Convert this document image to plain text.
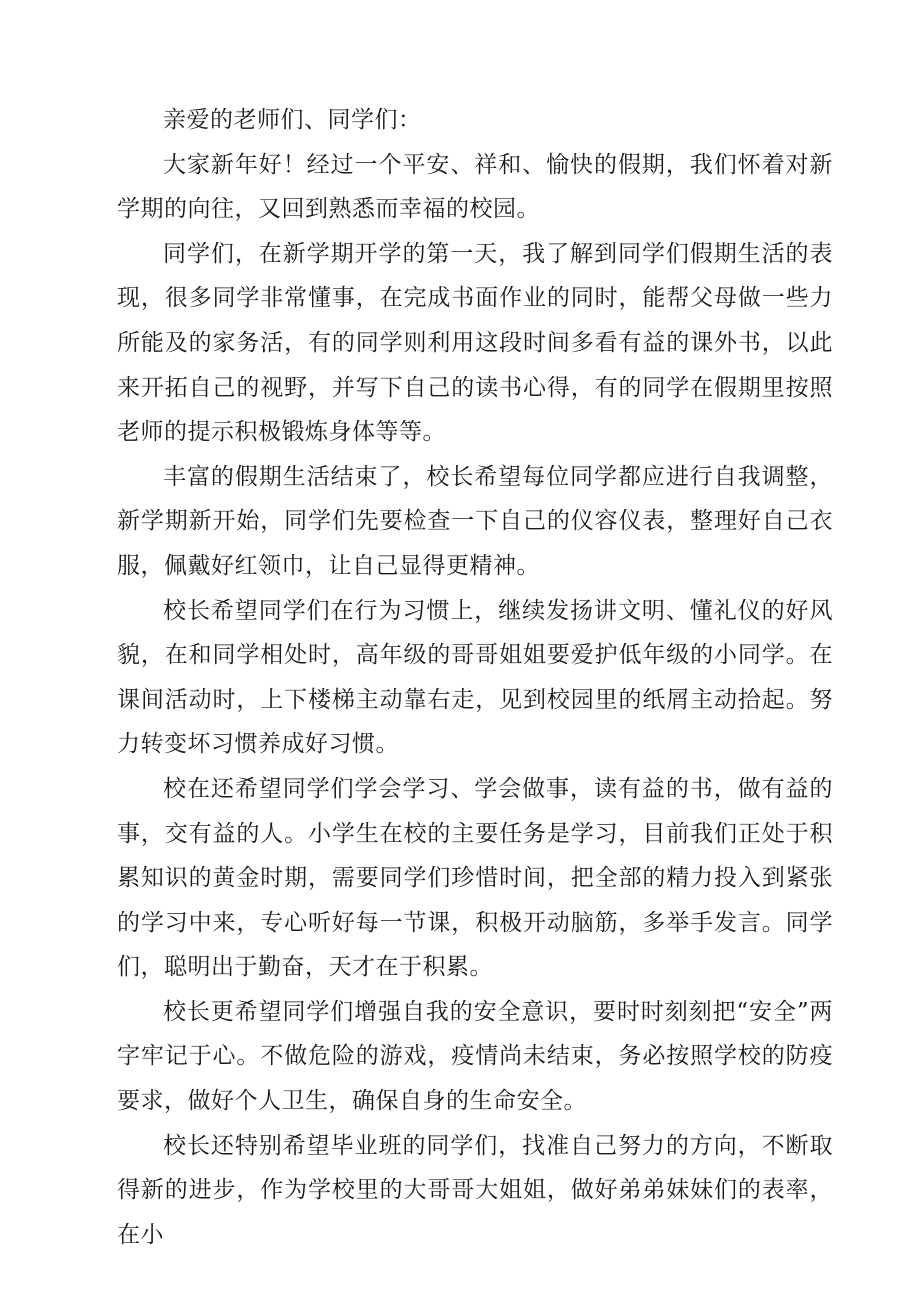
亲爱的老师们、同学们：

大家新年好！经过一个平安、祥和、愉快的假期，我们怀着对新学期的向往，又回到熟悉而幸福的校园。

同学们，在新学期开学的第一天，我了解到同学们假期生活的表现，很多同学非常懂事，在完成书面作业的同时，能帮父母做一些力所能及的家务活，有的同学则利用这段时间多看有益的课外书，以此来开拓自己的视野，并写下自己的读书心得，有的同学在假期里按照老师的提示积极锻炼身体等等。

丰富的假期生活结束了，校长希望每位同学都应进行自我调整，新学期新开始，同学们先要检查一下自己的仪容仪表，整理好自己衣服，佩戴好红领巾，让自己显得更精神。

校长希望同学们在行为习惯上，继续发扬讲文明、懂礼仪的好风貌，在和同学相处时，高年级的哥哥姐姐要爱护低年级的小同学。在课间活动时，上下楼梯主动靠右走，见到校园里的纸屑主动拾起。努力转变坏习惯养成好习惯。

校在还希望同学们学会学习、学会做事，读有益的书，做有益的事，交有益的人。小学生在校的主要任务是学习，目前我们正处于积累知识的黄金时期，需要同学们珍惜时间，把全部的精力投入到紧张的学习中来，专心听好每一节课，积极开动脑筋，多举手发言。同学们，聪明出于勤奋，天才在于积累。

校长更希望同学们增强自我的安全意识，要时时刻刻把“安全”两字牢记于心。不做危险的游戏，疫情尚未结束，务必按照学校的防疫要求，做好个人卫生，确保自身的生命安全。

校长还特别希望毕业班的同学们，找准自己努力的方向，不断取得新的进步，作为学校里的大哥哥大姐姐，做好弟弟妹妹们的表率，在小
